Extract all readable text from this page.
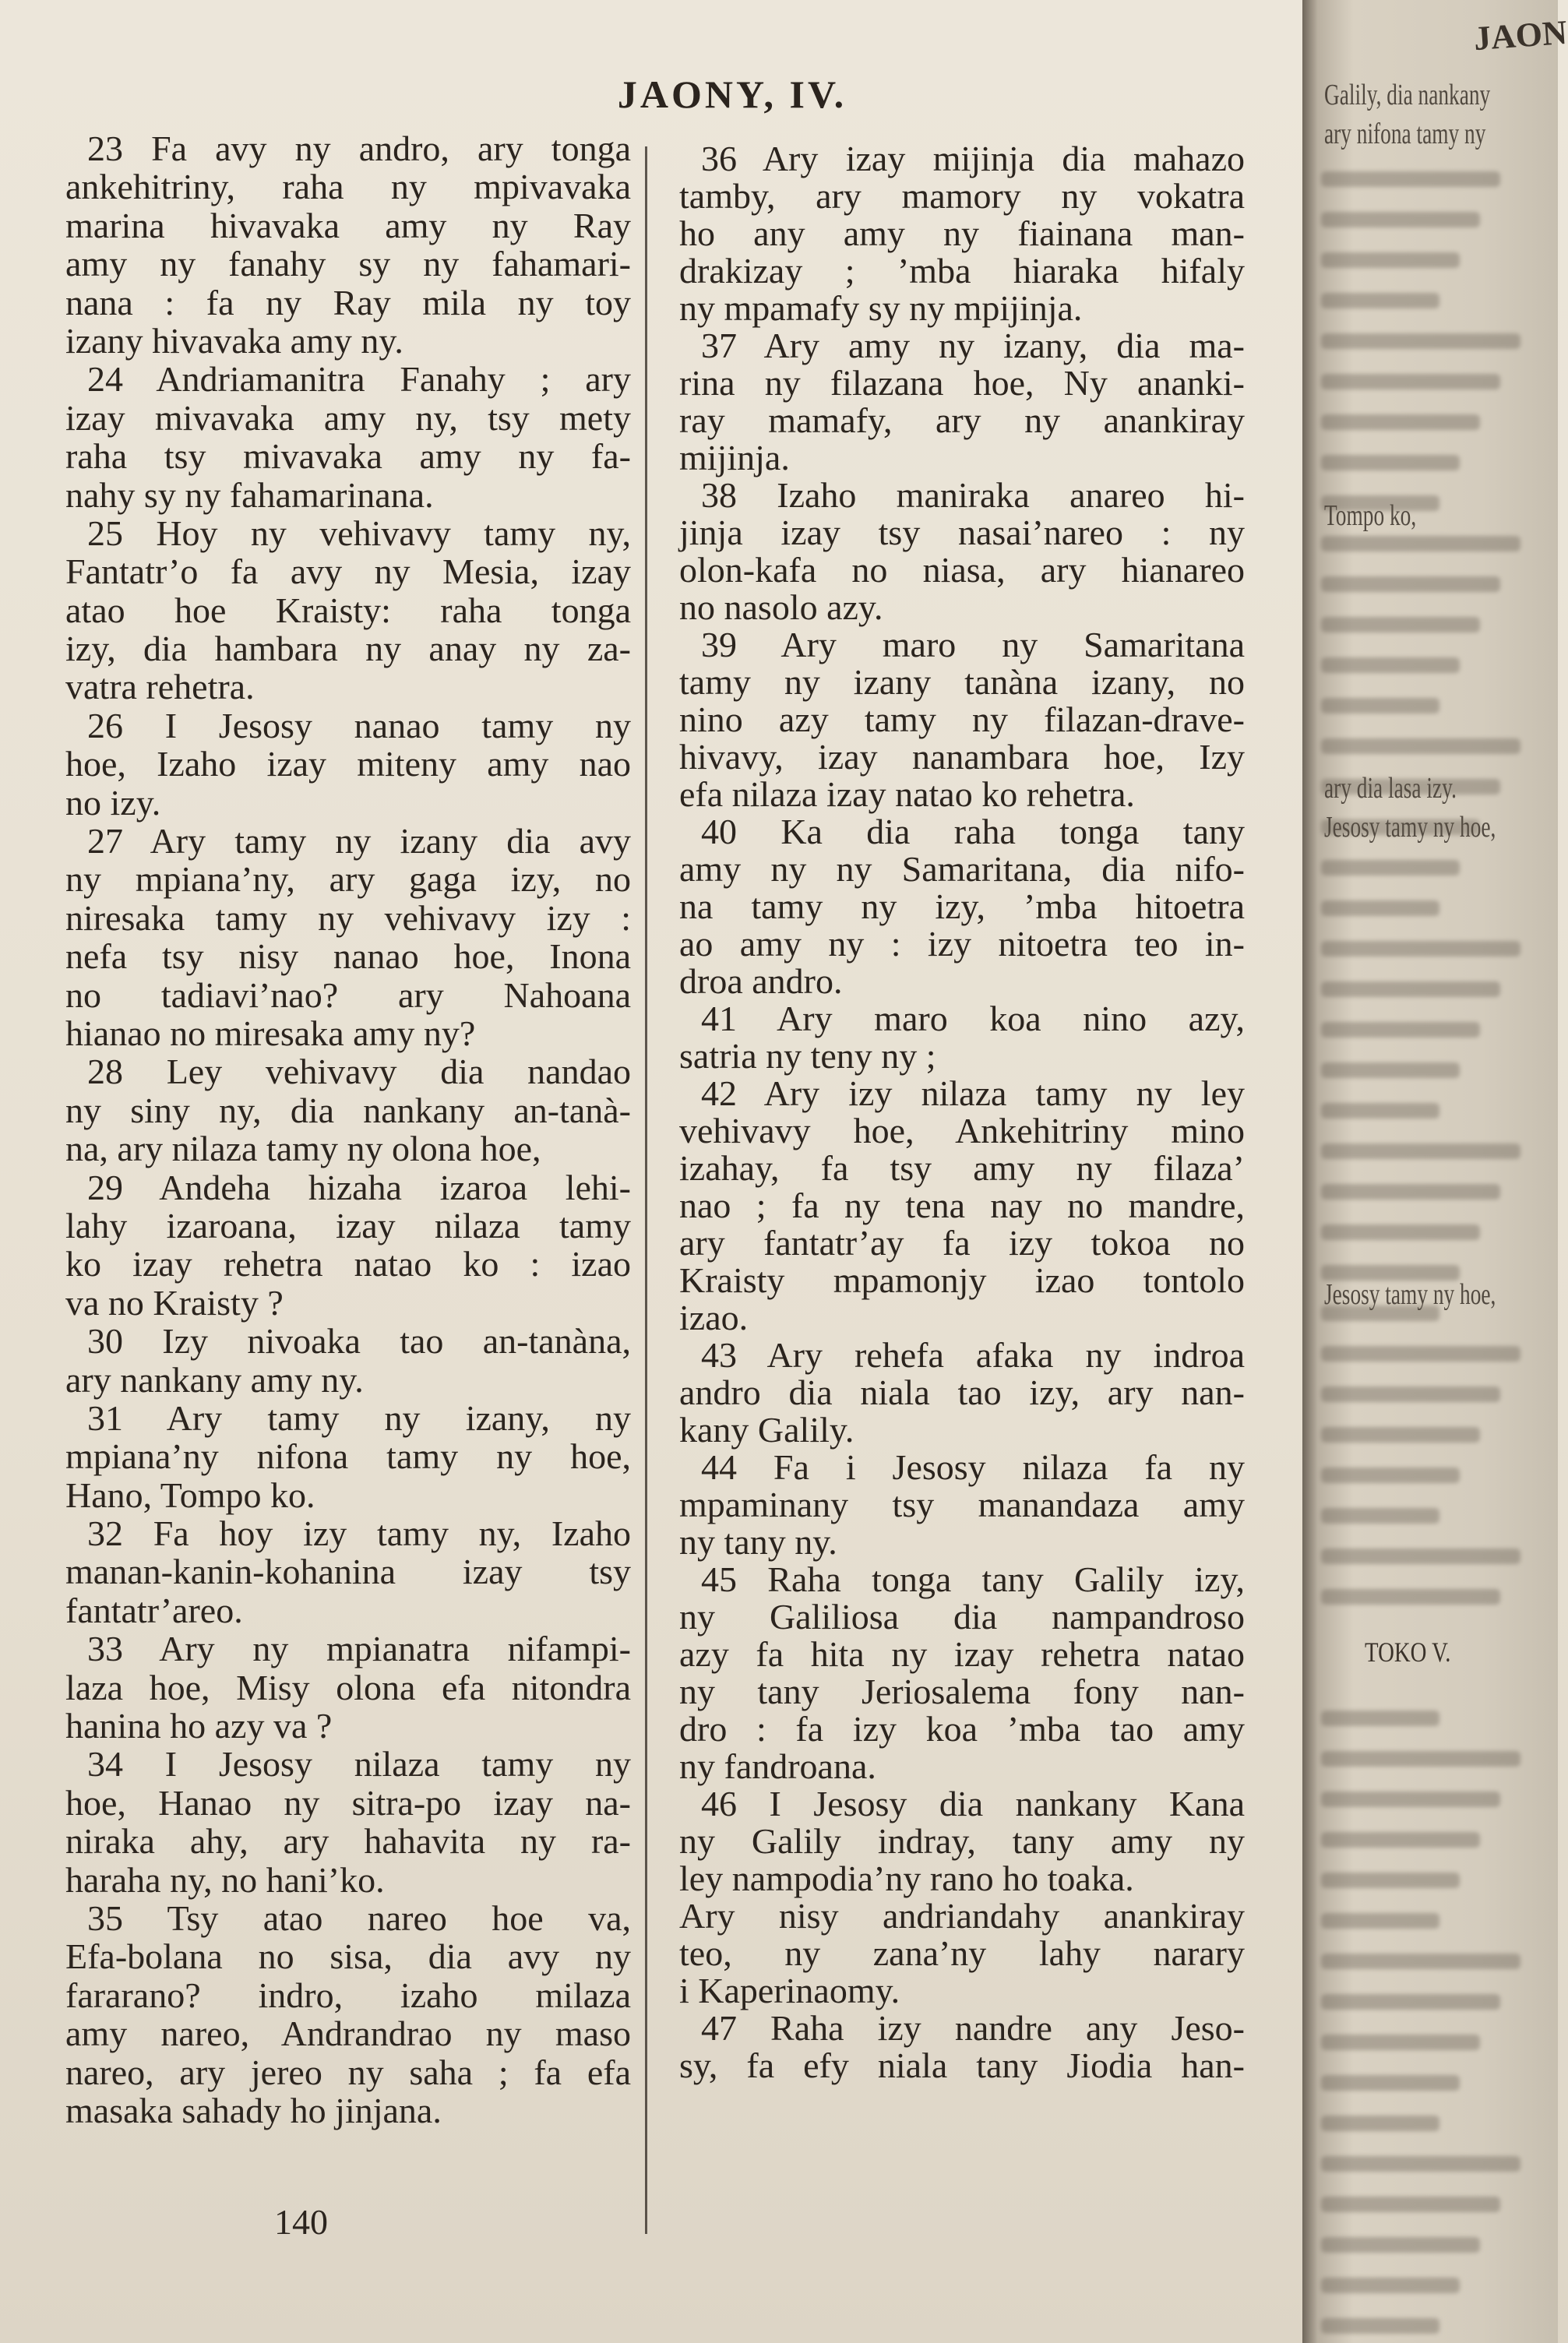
JAONY, IV.
23 Fa avy ny andro, ary tonga
ankehitriny, raha ny mpivavaka
marina hivavaka amy ny Ray
amy ny fanahy sy ny fahamari-
nana : fa ny Ray mila ny toy
izany hivavaka amy ny.
24 Andriamanitra Fanahy ; ary
izay mivavaka amy ny, tsy mety
raha tsy mivavaka amy ny fa-
nahy sy ny fahamarinana.
25 Hoy ny vehivavy tamy ny,
Fantatr’o fa avy ny Mesia, izay
atao hoe Kraisty: raha tonga
izy, dia hambara ny anay ny za-
vatra rehetra.
26 I Jesosy nanao tamy ny
hoe, Izaho izay miteny amy nao
no izy.
27 Ary tamy ny izany dia avy
ny mpiana’ny, ary gaga izy, no
niresaka tamy ny vehivavy izy :
nefa tsy nisy nanao hoe, Inona
no tadiavi’nao? ary Nahoana
hianao no miresaka amy ny?
28 Ley vehivavy dia nandao
ny siny ny, dia nankany an-tanà-
na, ary nilaza tamy ny olona hoe,
29 Andeha hizaha izaroa lehi-
lahy izaroana, izay nilaza tamy
ko izay rehetra natao ko : izao
va no Kraisty ?
30 Izy nivoaka tao an-tanàna,
ary nankany amy ny.
31 Ary tamy ny izany, ny
mpiana’ny nifona tamy ny hoe,
Hano, Tompo ko.
32 Fa hoy izy tamy ny, Izaho
manan-kanin-kohanina izay tsy
fantatr’areo.
33 Ary ny mpianatra nifampi-
laza hoe, Misy olona efa nitondra
hanina ho azy va ?
34 I Jesosy nilaza tamy ny
hoe, Hanao ny sitra-po izay na-
niraka ahy, ary hahavita ny ra-
haraha ny, no hani’ko.
35 Tsy atao nareo hoe va,
Efa-bolana no sisa, dia avy ny
fararano? indro, izaho milaza
amy nareo, Andrandrao ny maso
nareo, ary jereo ny saha ; fa efa
masaka sahady ho jinjana.
36 Ary izay mijinja dia mahazo
tamby, ary mamory ny vokatra
ho any amy ny fiainana man-
drakizay ; ’mba hiaraka hifaly
ny mpamafy sy ny mpijinja.
37 Ary amy ny izany, dia ma-
rina ny filazana hoe, Ny ananki-
ray mamafy, ary ny anankiray
mijinja.
38 Izaho maniraka anareo hi-
jinja izay tsy nasai’nareo : ny
olon-kafa no niasa, ary hianareo
no nasolo azy.
39 Ary maro ny Samaritana
tamy ny izany tanàna izany, no
nino azy tamy ny filazan-drave-
hivavy, izay nanambara hoe, Izy
efa nilaza izay natao ko rehetra.
40 Ka dia raha tonga tany
amy ny ny Samaritana, dia nifo-
na tamy ny izy, ’mba hitoetra
ao amy ny : izy nitoetra teo in-
droa andro.
41 Ary maro koa nino azy,
satria ny teny ny ;
42 Ary izy nilaza tamy ny ley
vehivavy hoe, Ankehitriny mino
izahay, fa tsy amy ny filaza’
nao ; fa ny tena nay no mandre,
ary fantatr’ay fa izy tokoa no
Kraisty mpamonjy izao tontolo
izao.
43 Ary rehefa afaka ny indroa
andro dia niala tao izy, ary nan-
kany Galily.
44 Fa i Jesosy nilaza fa ny
mpaminany tsy manandaza amy
ny tany ny.
45 Raha tonga tany Galily izy,
ny Galiliosa dia nampandroso
azy fa hita ny izay rehetra natao
ny tany Jeriosalema fony nan-
dro : fa izy koa ’mba tao amy
ny fandroana.
46 I Jesosy dia nankany Kana
ny Galily indray, tany amy ny
ley nampodia’ny rano ho toaka.
Ary nisy andriandahy anankiray
teo, ny zana’ny lahy narary
i Kaperinaomy.
47 Raha izy nandre any Jeso-
sy, fa efy niala tany Jiodia han-
140
JAON
Galily, dia nankany
ary nifona tamy ny
Tompo ko,
Jesosy tamy ny hoe,
ary dia lasa izy.
Jesosy tamy ny hoe,
TOKO V.
